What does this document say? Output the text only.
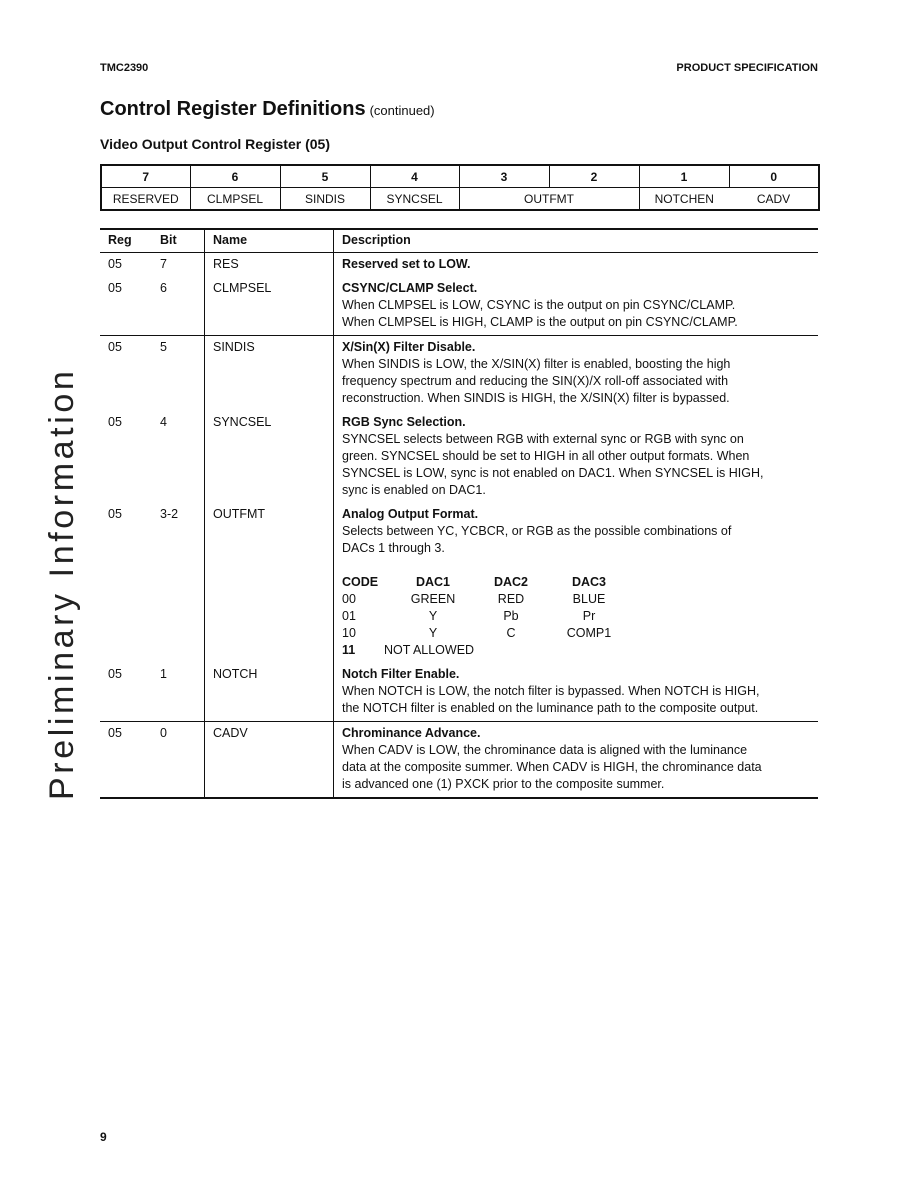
TMC2390	PRODUCT SPECIFICATION
Control Register Definitions (continued)
Video Output Control Register (05)
Preliminary Information
7	6	5	4	3	2	1	0
RESERVED	CLMPSEL	SINDIS	SYNCSEL	OUTFMT		NOTCHEN	CADV
Reg	Bit	Name	Description
05	7	RES	Reserved set to LOW.

05	6	CLMPSEL	CSYNC/CLAMP Select.
When CLMPSEL is LOW, CSYNC is the output on pin CSYNC/CLAMP.
When CLMPSEL is HIGH, CLAMP is the output on pin CSYNC/CLAMP.

05	5	SINDIS	X/Sin(X) Filter Disable.
When SINDIS is LOW, the X/SIN(X) filter is enabled, boosting the high
frequency spectrum and reducing the SIN(X)/X roll-off associated with
reconstruction. When SINDIS is HIGH, the X/SIN(X) filter is bypassed.

05	4	SYNCSEL	RGB Sync Selection.
SYNCSEL selects between RGB with external sync or RGB with sync on
green. SYNCSEL should be set to HIGH in all other output formats. When
SYNCSEL is LOW, sync is not enabled on DAC1. When SYNCSEL is HIGH,
sync is enabled on DAC1.

05	3-2	OUTFMT	Analog Output Format.
Selects between YC, YCBCR, or RGB as the possible combinations of
DACs 1 through 3.
CODE	DAC1	DAC2	DAC3
00	GREEN	RED	BLUE
01	Y	Pb	Pr
10	Y	C	COMP1
11	NOT ALLOWED

05	1	NOTCH	Notch Filter Enable.
When NOTCH is LOW, the notch filter is bypassed. When NOTCH is HIGH,
the NOTCH filter is enabled on the luminance path to the composite output.

05	0	CADV	Chrominance Advance.
When CADV is LOW, the chrominance data is aligned with the luminance
data at the composite summer. When CADV is HIGH, the chrominance data
is advanced one (1) PXCK prior to the composite summer.
9
